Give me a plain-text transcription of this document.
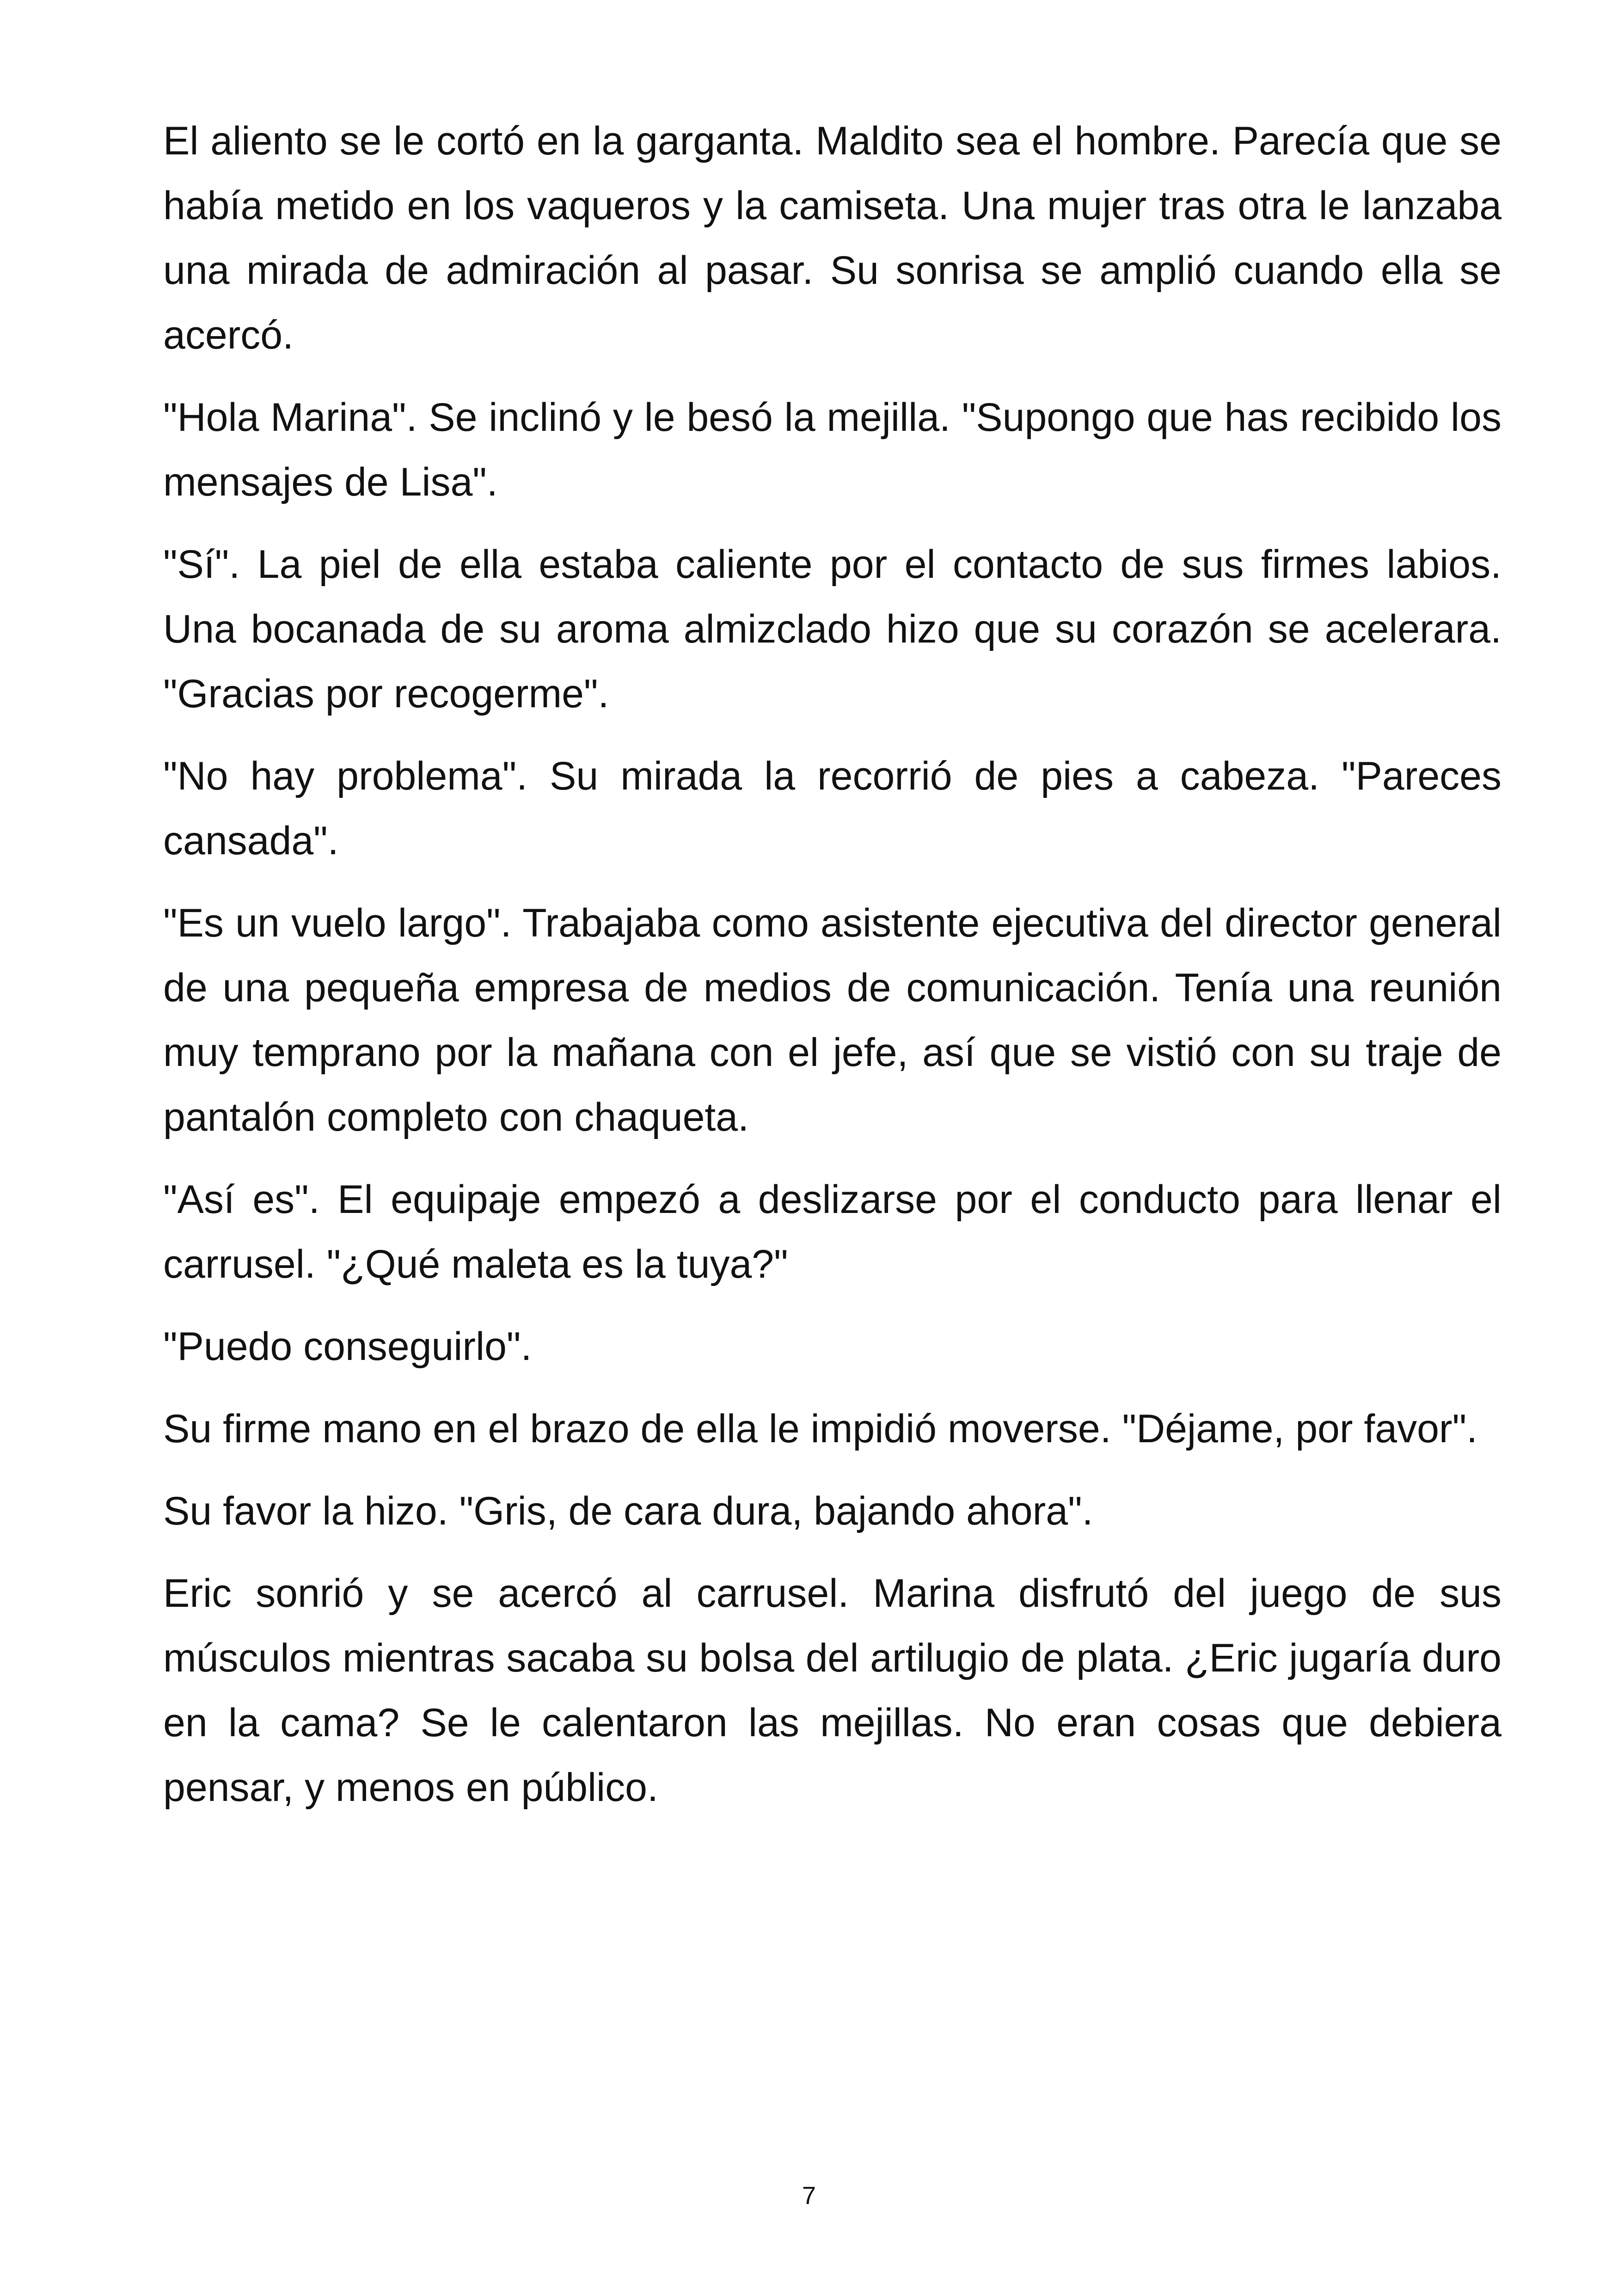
El aliento se le cortó en la garganta. Maldito sea el hombre. Parecía que se había metido en los vaqueros y la camiseta. Una mujer tras otra le lanzaba una mirada de admiración al pasar. Su sonrisa se amplió cuando ella se acercó.

"Hola Marina". Se inclinó y le besó la mejilla. "Supongo que has recibido los mensajes de Lisa".

"Sí". La piel de ella estaba caliente por el contacto de sus firmes labios. Una bocanada de su aroma almizclado hizo que su corazón se acelerara. "Gracias por recogerme".

"No hay problema". Su mirada la recorrió de pies a cabeza. "Pareces cansada".

"Es un vuelo largo". Trabajaba como asistente ejecutiva del director general de una pequeña empresa de medios de comunicación. Tenía una reunión muy temprano por la mañana con el jefe, así que se vistió con su traje de pantalón completo con chaqueta.

"Así es". El equipaje empezó a deslizarse por el conducto para llenar el carrusel. "¿Qué maleta es la tuya?"

"Puedo conseguirlo".

Su firme mano en el brazo de ella le impidió moverse. "Déjame, por favor".

Su favor la hizo. "Gris, de cara dura, bajando ahora".

Eric sonrió y se acercó al carrusel. Marina disfrutó del juego de sus músculos mientras sacaba su bolsa del artilugio de plata. ¿Eric jugaría duro en la cama? Se le calentaron las mejillas. No eran cosas que debiera pensar, y menos en público.

7
